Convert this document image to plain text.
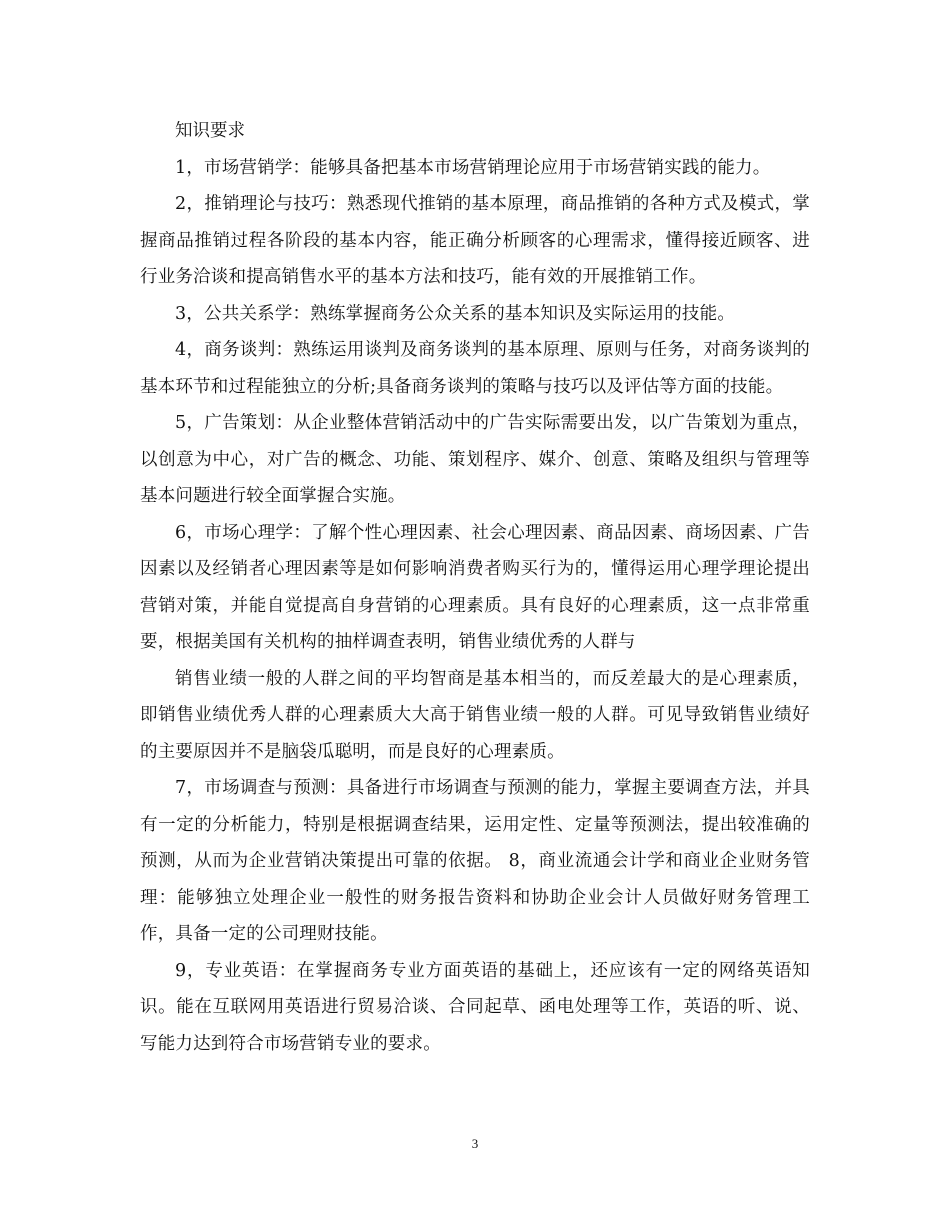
知识要求

1，市场营销学：能够具备把基本市场营销理论应用于市场营销实践的能力。

2，推销理论与技巧：熟悉现代推销的基本原理，商品推销的各种方式及模式，掌握商品推销过程各阶段的基本内容，能正确分析顾客的心理需求，懂得接近顾客、进行业务洽谈和提高销售水平的基本方法和技巧，能有效的开展推销工作。

3，公共关系学：熟练掌握商务公众关系的基本知识及实际运用的技能。

4，商务谈判：熟练运用谈判及商务谈判的基本原理、原则与任务，对商务谈判的基本环节和过程能独立的分析;具备商务谈判的策略与技巧以及评估等方面的技能。

5，广告策划：从企业整体营销活动中的广告实际需要出发，以广告策划为重点，以创意为中心，对广告的概念、功能、策划程序、媒介、创意、策略及组织与管理等基本问题进行较全面掌握合实施。

6，市场心理学：了解个性心理因素、社会心理因素、商品因素、商场因素、广告因素以及经销者心理因素等是如何影响消费者购买行为的，懂得运用心理学理论提出营销对策，并能自觉提高自身营销的心理素质。具有良好的心理素质，这一点非常重要，根据美国有关机构的抽样调查表明，销售业绩优秀的人群与

销售业绩一般的人群之间的平均智商是基本相当的，而反差最大的是心理素质，即销售业绩优秀人群的心理素质大大高于销售业绩一般的人群。可见导致销售业绩好的主要原因并不是脑袋瓜聪明，而是良好的心理素质。

7，市场调查与预测：具备进行市场调查与预测的能力，掌握主要调查方法，并具有一定的分析能力，特别是根据调查结果，运用定性、定量等预测法，提出较准确的预测，从而为企业营销决策提出可靠的依据。 8，商业流通会计学和商业企业财务管理：能够独立处理企业一般性的财务报告资料和协助企业会计人员做好财务管理工作，具备一定的公司理财技能。

9，专业英语：在掌握商务专业方面英语的基础上，还应该有一定的网络英语知识。能在互联网用英语进行贸易洽谈、合同起草、函电处理等工作，英语的听、说、写能力达到符合市场营销专业的要求。

3
